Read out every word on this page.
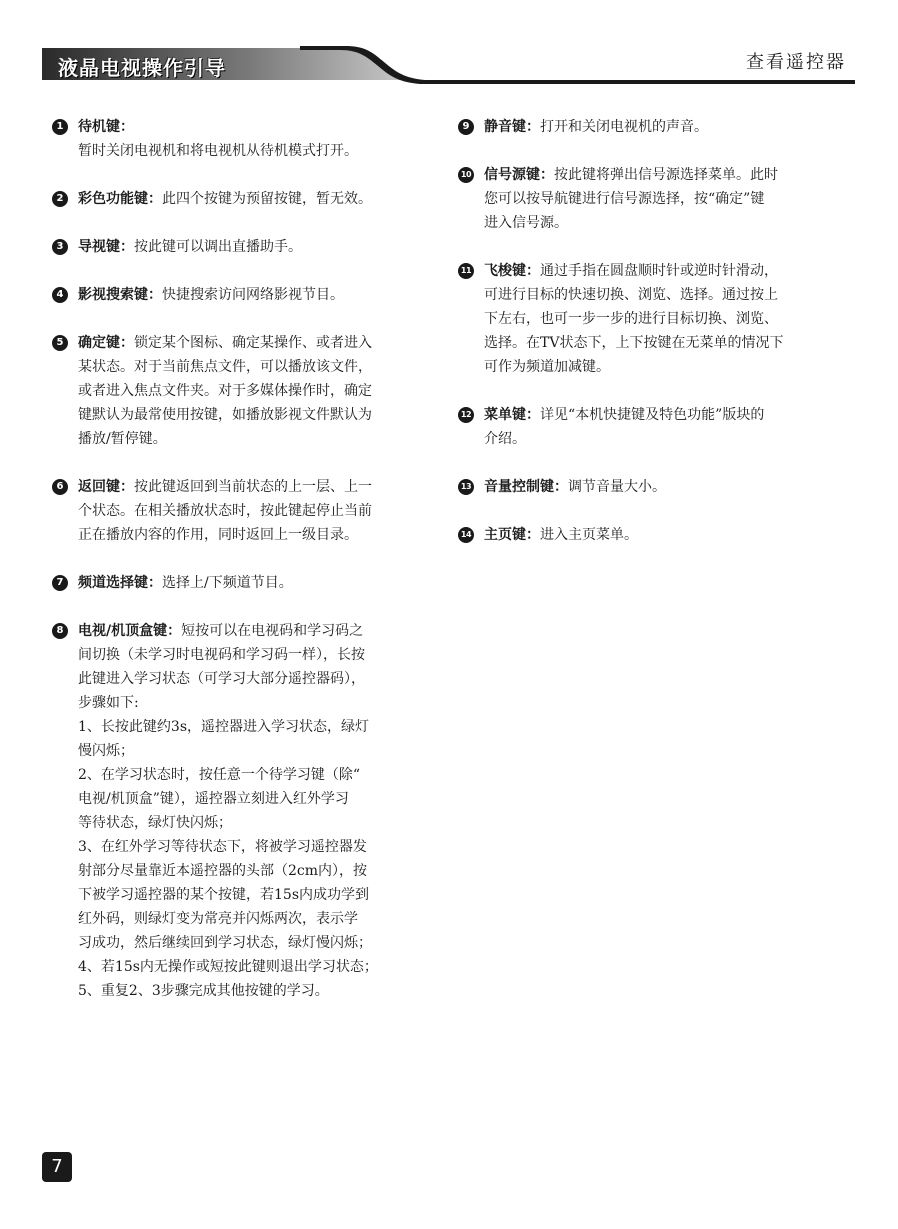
液晶电视操作引导	查看遥控器
1	待机键：
暂时关闭电视机和将电视机从待机模式打开。
2	彩色功能键：此四个按键为预留按键，暂无效。
3	导视键：按此键可以调出直播助手。
4	影视搜索键：快捷搜索访问网络影视节目。
5	确定键：锁定某个图标、确定某操作、或者进入
某状态。对于当前焦点文件，可以播放该文件，
或者进入焦点文件夹。对于多媒体操作时，确定
键默认为最常使用按键，如播放影视文件默认为
播放/暂停键。
6	返回键：按此键返回到当前状态的上一层、上一
个状态。在相关播放状态时，按此键起停止当前
正在播放内容的作用，同时返回上一级目录。
7	频道选择键：选择上/下频道节目。
8	电视/机顶盒键：短按可以在电视码和学习码之
间切换（未学习时电视码和学习码一样），长按
此键进入学习状态（可学习大部分遥控器码），
步骤如下:
1、长按此键约3s，遥控器进入学习状态，绿灯
慢闪烁；
2、在学习状态时，按任意一个待学习键（除“
电视/机顶盒”键），遥控器立刻进入红外学习
等待状态，绿灯快闪烁；
3、在红外学习等待状态下，将被学习遥控器发
射部分尽量靠近本遥控器的头部（2cm内），按
下被学习遥控器的某个按键，若15s内成功学到
红外码，则绿灯变为常亮并闪烁两次，表示学
习成功，然后继续回到学习状态，绿灯慢闪烁；
4、若15s内无操作或短按此键则退出学习状态；
5、重复2、3步骤完成其他按键的学习。
9	静音键：打开和关闭电视机的声音。
10 信号源键：按此键将弹出信号源选择菜单。此时
您可以按导航键进行信号源选择，按“确定”键
进入信号源。
11 飞梭键：通过手指在圆盘顺时针或逆时针滑动，
可进行目标的快速切换、浏览、选择。通过按上
下左右，也可一步一步的进行目标切换、浏览、
选择。在TV状态下，上下按键在无菜单的情况下
可作为频道加减键。
12 菜单键：详见“本机快捷键及特色功能”版块的
介绍。
13 音量控制键：调节音量大小。
14 主页键：进入主页菜单。
7
